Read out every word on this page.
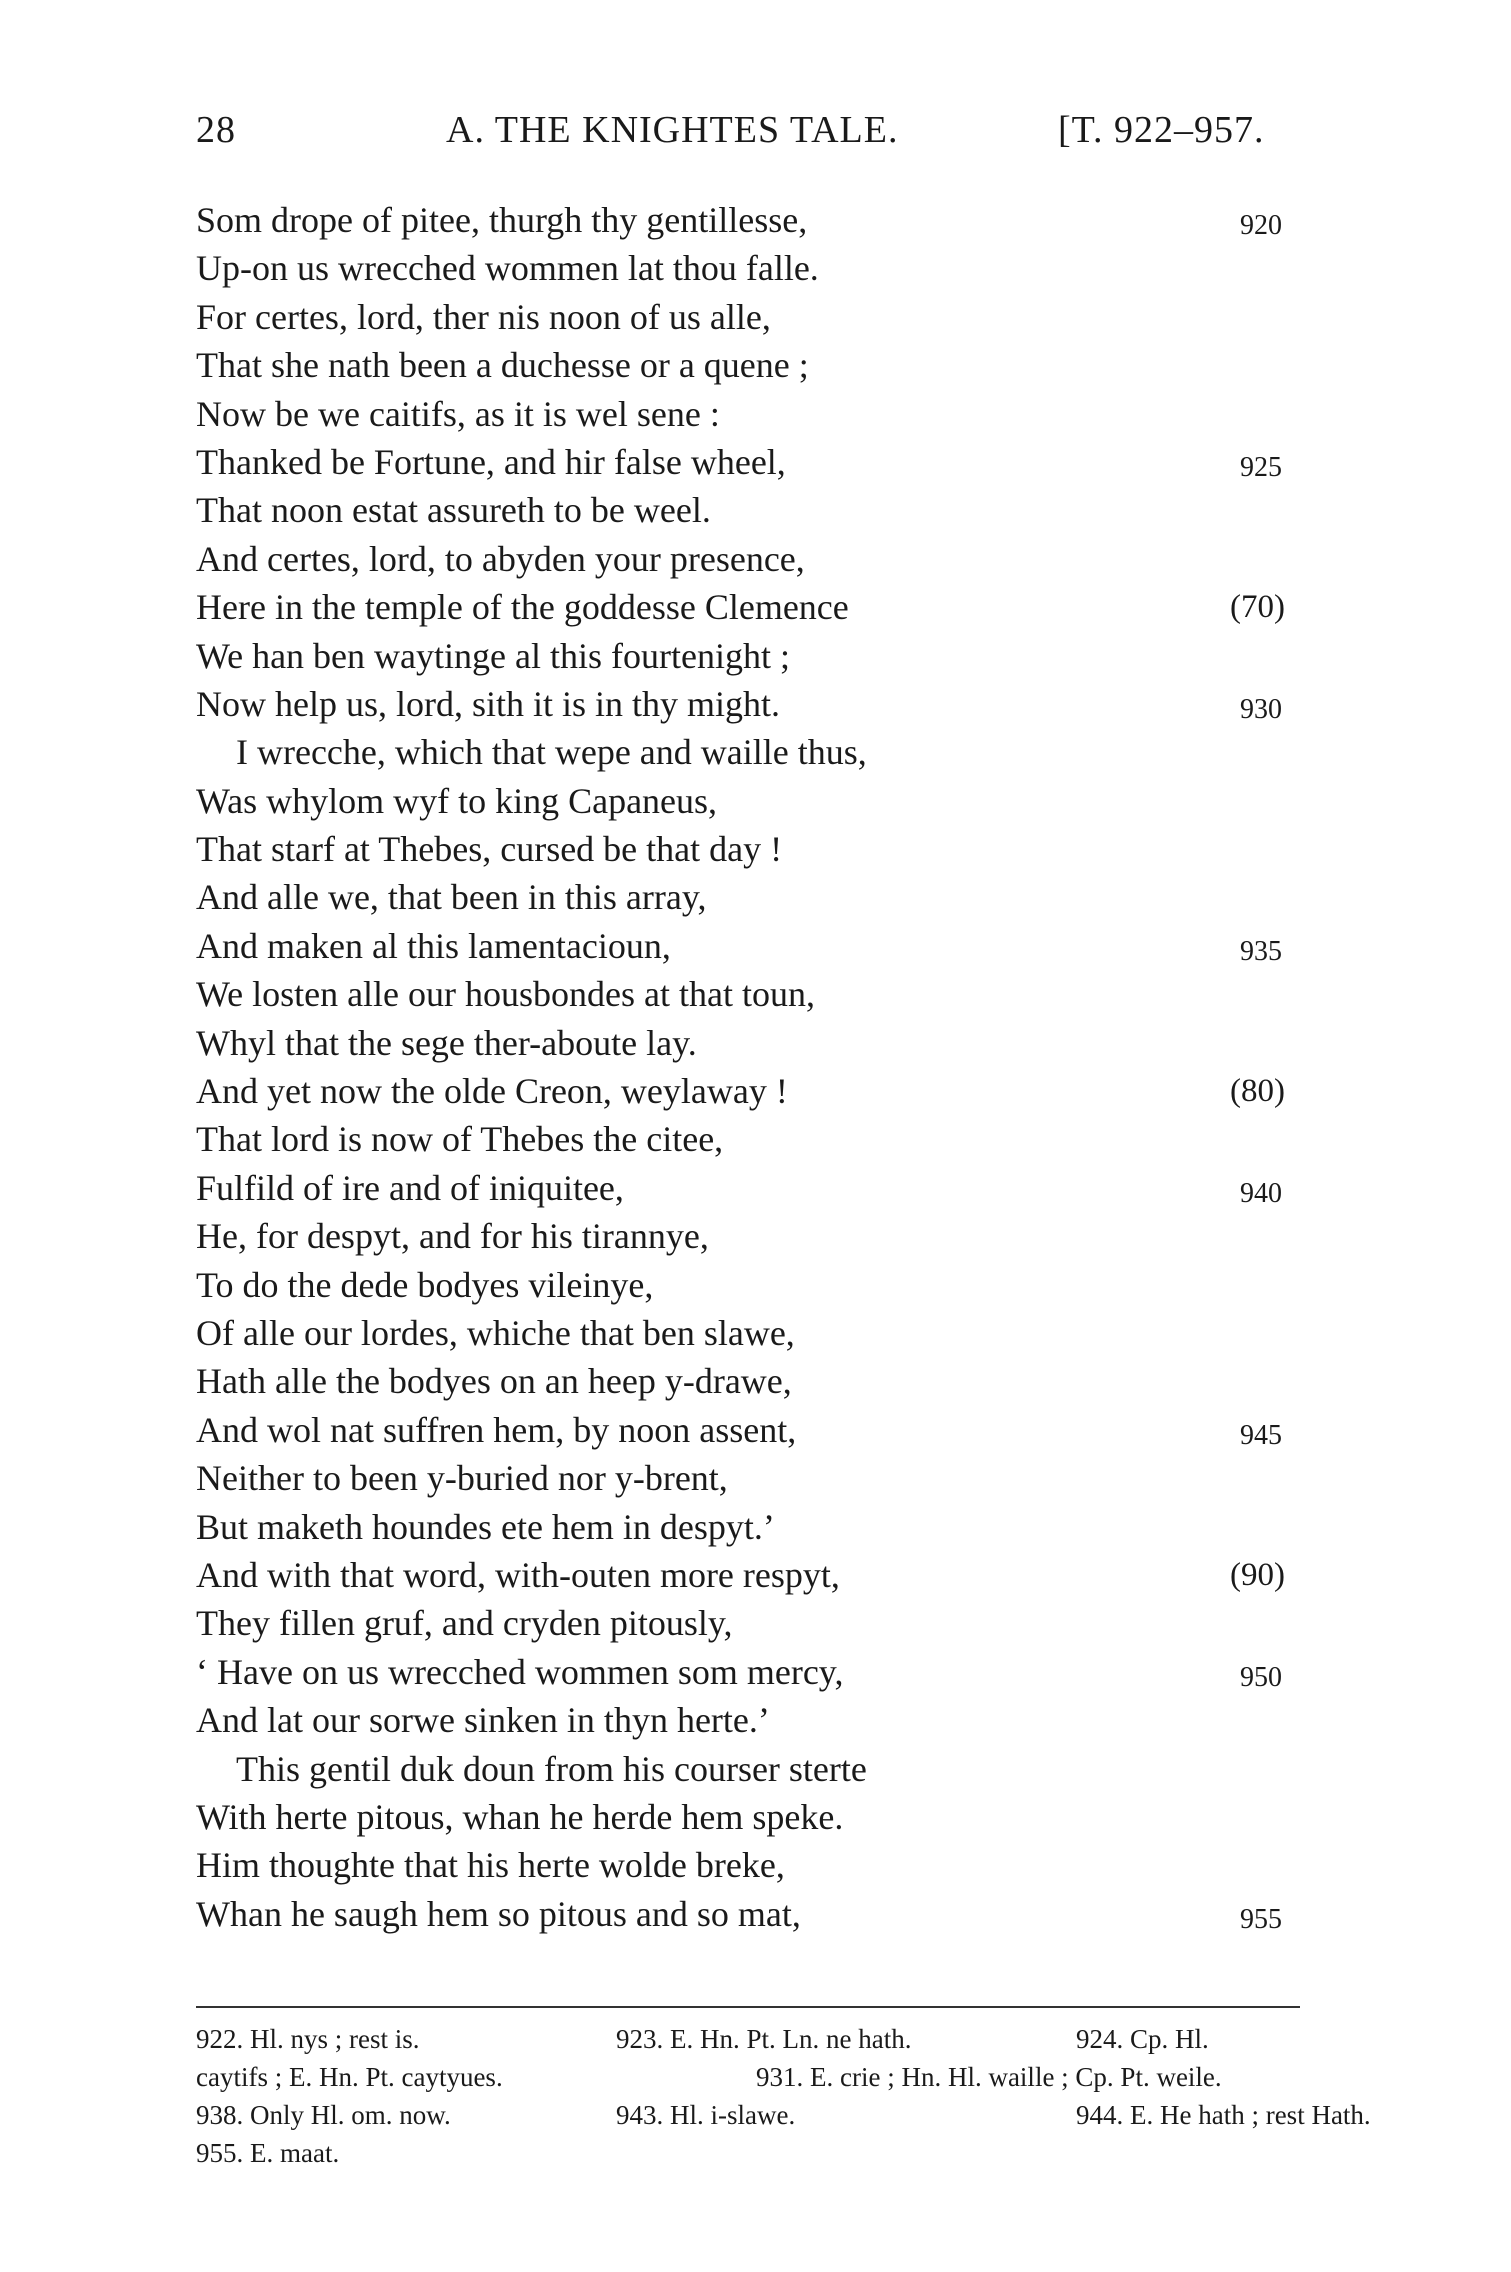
28	A. THE KNIGHTES TALE.	[T. 922–957.
Som drope of pitee, thurgh thy gentillesse,	920
Up-on us wrecched wommen lat thou falle.
For certes, lord, ther nis noon of us alle,
That she nath been a duchesse or a quene ;
Now be we caitifs, as it is wel sene :
Thanked be Fortune, and hir false wheel,	925
That noon estat assureth to be weel.
And certes, lord, to abyden your presence,
Here in the temple of the goddesse Clemence	(70)
We han ben waytinge al this fourtenight ;
Now help us, lord, sith it is in thy might.	930
I wrecche, which that wepe and waille thus,
Was whylom wyf to king Capaneus,
That starf at Thebes, cursed be that day !
And alle we, that been in this array,
And maken al this lamentacioun,	935
We losten alle our housbondes at that toun,
Whyl that the sege ther-aboute lay.
And yet now the olde Creon, weylaway !	(80)
That lord is now of Thebes the citee,
Fulfild of ire and of iniquitee,	940
He, for despyt, and for his tirannye,
To do the dede bodyes vileinye,
Of alle our lordes, whiche that ben slawe,
Hath alle the bodyes on an heep y-drawe,
And wol nat suffren hem, by noon assent,	945
Neither to been y-buried nor y-brent,
But maketh houndes ete hem in despyt.’
And with that word, with-outen more respyt,	(90)
They fillen gruf, and cryden pitously,
‘ Have on us wrecched wommen som mercy,	950
And lat our sorwe sinken in thyn herte.’
This gentil duk doun from his courser sterte
With herte pitous, whan he herde hem speke.
Him thoughte that his herte wolde breke,
Whan he saugh hem so pitous and so mat,	955
922. Hl. nys ; rest is.	923. E. Hn. Pt. Ln. ne hath.	924. Cp. Hl.
caytifs ; E. Hn. Pt. caytyues.	931. E. crie ; Hn. Hl. waille ; Cp. Pt. weile.
938. Only Hl. om. now.	943. Hl. i-slawe.	944. E. He hath ; rest Hath.
955. E. maat.
